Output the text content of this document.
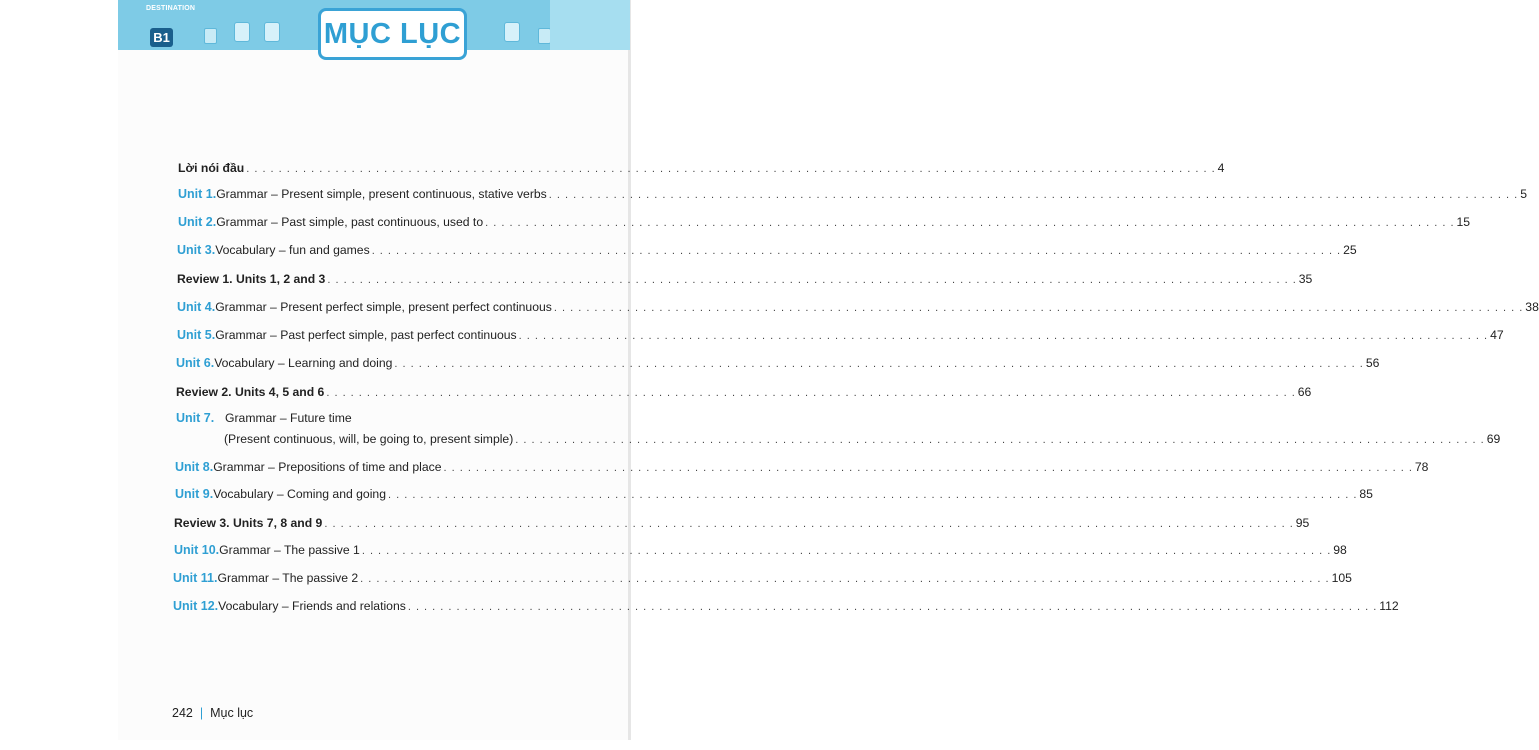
DESTINATION
B1	MỤC LỤC
Lời nói đầu . . . . . . . . . . . . . . . . . . . . . . . . . . . . . . . . . . . . . . . . . . . . . . . . . . . . . . . . . . . . . . . . . . . . . . . . . . . . . . . . . . . . . . . . . . . . . . . . . . . . . . . . . . . . . . . . . . . . . . . . 4
Unit 1. Grammar – Present simple, present continuous, stative verbs . . . . . . . . . . . . . . . . . . . . . . . . . . . . . . . . . . . . . . . . . . . . . . . . . . . . . . . . . . . . . . . . . . . . . . . . . . . . . . . . . . . . . . . . . . . . . . . . . . . . . . . . . . . . . . . . . . . . . . . . 5
Unit 2. Grammar – Past simple, past continuous, used to . . . . . . . . . . . . . . . . . . . . . . . . . . . . . . . . . . . . . . . . . . . . . . . . . . . . . . . . . . . . . . . . . . . . . . . . . . . . . . . . . . . . . . . . . . . . . . . . . . . . . . . . . . . . . . . . . . . . . . . . 15
Unit 3. Vocabulary – fun and games . . . . . . . . . . . . . . . . . . . . . . . . . . . . . . . . . . . . . . . . . . . . . . . . . . . . . . . . . . . . . . . . . . . . . . . . . . . . . . . . . . . . . . . . . . . . . . . . . . . . . . . . . . . . . . . . . . . . . . . . 25
Review 1. Units 1, 2 and 3 . . . . . . . . . . . . . . . . . . . . . . . . . . . . . . . . . . . . . . . . . . . . . . . . . . . . . . . . . . . . . . . . . . . . . . . . . . . . . . . . . . . . . . . . . . . . . . . . . . . . . . . . . . . . . . . . . . . . . . . . 35
Unit 4. Grammar – Present perfect simple, present perfect continuous . . . . . . . . . . . . . . . . . . . . . . . . . . . . . . . . . . . . . . . . . . . . . . . . . . . . . . . . . . . . . . . . . . . . . . . . . . . . . . . . . . . . . . . . . . . . . . . . . . . . . . . . . . . . . . . . . . . . . . . . 38
Unit 5. Grammar – Past perfect simple, past perfect continuous . . . . . . . . . . . . . . . . . . . . . . . . . . . . . . . . . . . . . . . . . . . . . . . . . . . . . . . . . . . . . . . . . . . . . . . . . . . . . . . . . . . . . . . . . . . . . . . . . . . . . . . . . . . . . . . . . . . . . . . . 47
Unit 6. Vocabulary – Learning and doing . . . . . . . . . . . . . . . . . . . . . . . . . . . . . . . . . . . . . . . . . . . . . . . . . . . . . . . . . . . . . . . . . . . . . . . . . . . . . . . . . . . . . . . . . . . . . . . . . . . . . . . . . . . . . . . . . . . . . . . . 56
Review 2. Units 4, 5 and 6 . . . . . . . . . . . . . . . . . . . . . . . . . . . . . . . . . . . . . . . . . . . . . . . . . . . . . . . . . . . . . . . . . . . . . . . . . . . . . . . . . . . . . . . . . . . . . . . . . . . . . . . . . . . . . . . . . . . . . . . . 66
Unit 7. Grammar – Future time
(Present continuous, will, be going to, present simple) . . . . . . . . . . . . . . . . . . . . . . . . . . . . . . . . . . . . . . . . . . . . . . . . . . . . . . . . . . . . . . . . . . . . . . . . . . . . . . . . . . . . . . . . . . . . . . . . . . . . . . . . . . . . . . . . . . . . . . . . 69
Unit 8. Grammar – Prepositions of time and place . . . . . . . . . . . . . . . . . . . . . . . . . . . . . . . . . . . . . . . . . . . . . . . . . . . . . . . . . . . . . . . . . . . . . . . . . . . . . . . . . . . . . . . . . . . . . . . . . . . . . . . . . . . . . . . . . . . . . . . . 78
Unit 9. Vocabulary – Coming and going . . . . . . . . . . . . . . . . . . . . . . . . . . . . . . . . . . . . . . . . . . . . . . . . . . . . . . . . . . . . . . . . . . . . . . . . . . . . . . . . . . . . . . . . . . . . . . . . . . . . . . . . . . . . . . . . . . . . . . . . 85
Review 3. Units 7, 8 and 9 . . . . . . . . . . . . . . . . . . . . . . . . . . . . . . . . . . . . . . . . . . . . . . . . . . . . . . . . . . . . . . . . . . . . . . . . . . . . . . . . . . . . . . . . . . . . . . . . . . . . . . . . . . . . . . . . . . . . . . . . 95
Unit 10. Grammar – The passive 1 . . . . . . . . . . . . . . . . . . . . . . . . . . . . . . . . . . . . . . . . . . . . . . . . . . . . . . . . . . . . . . . . . . . . . . . . . . . . . . . . . . . . . . . . . . . . . . . . . . . . . . . . . . . . . . . . . . . . . . . . 98
Unit 11. Grammar – The passive 2 . . . . . . . . . . . . . . . . . . . . . . . . . . . . . . . . . . . . . . . . . . . . . . . . . . . . . . . . . . . . . . . . . . . . . . . . . . . . . . . . . . . . . . . . . . . . . . . . . . . . . . . . . . . . . . . . . . . . . . . . 105
Unit 12. Vocabulary – Friends and relations . . . . . . . . . . . . . . . . . . . . . . . . . . . . . . . . . . . . . . . . . . . . . . . . . . . . . . . . . . . . . . . . . . . . . . . . . . . . . . . . . . . . . . . . . . . . . . . . . . . . . . . . . . . . . . . . . . . . . . . . 112
242 | Mục lục
